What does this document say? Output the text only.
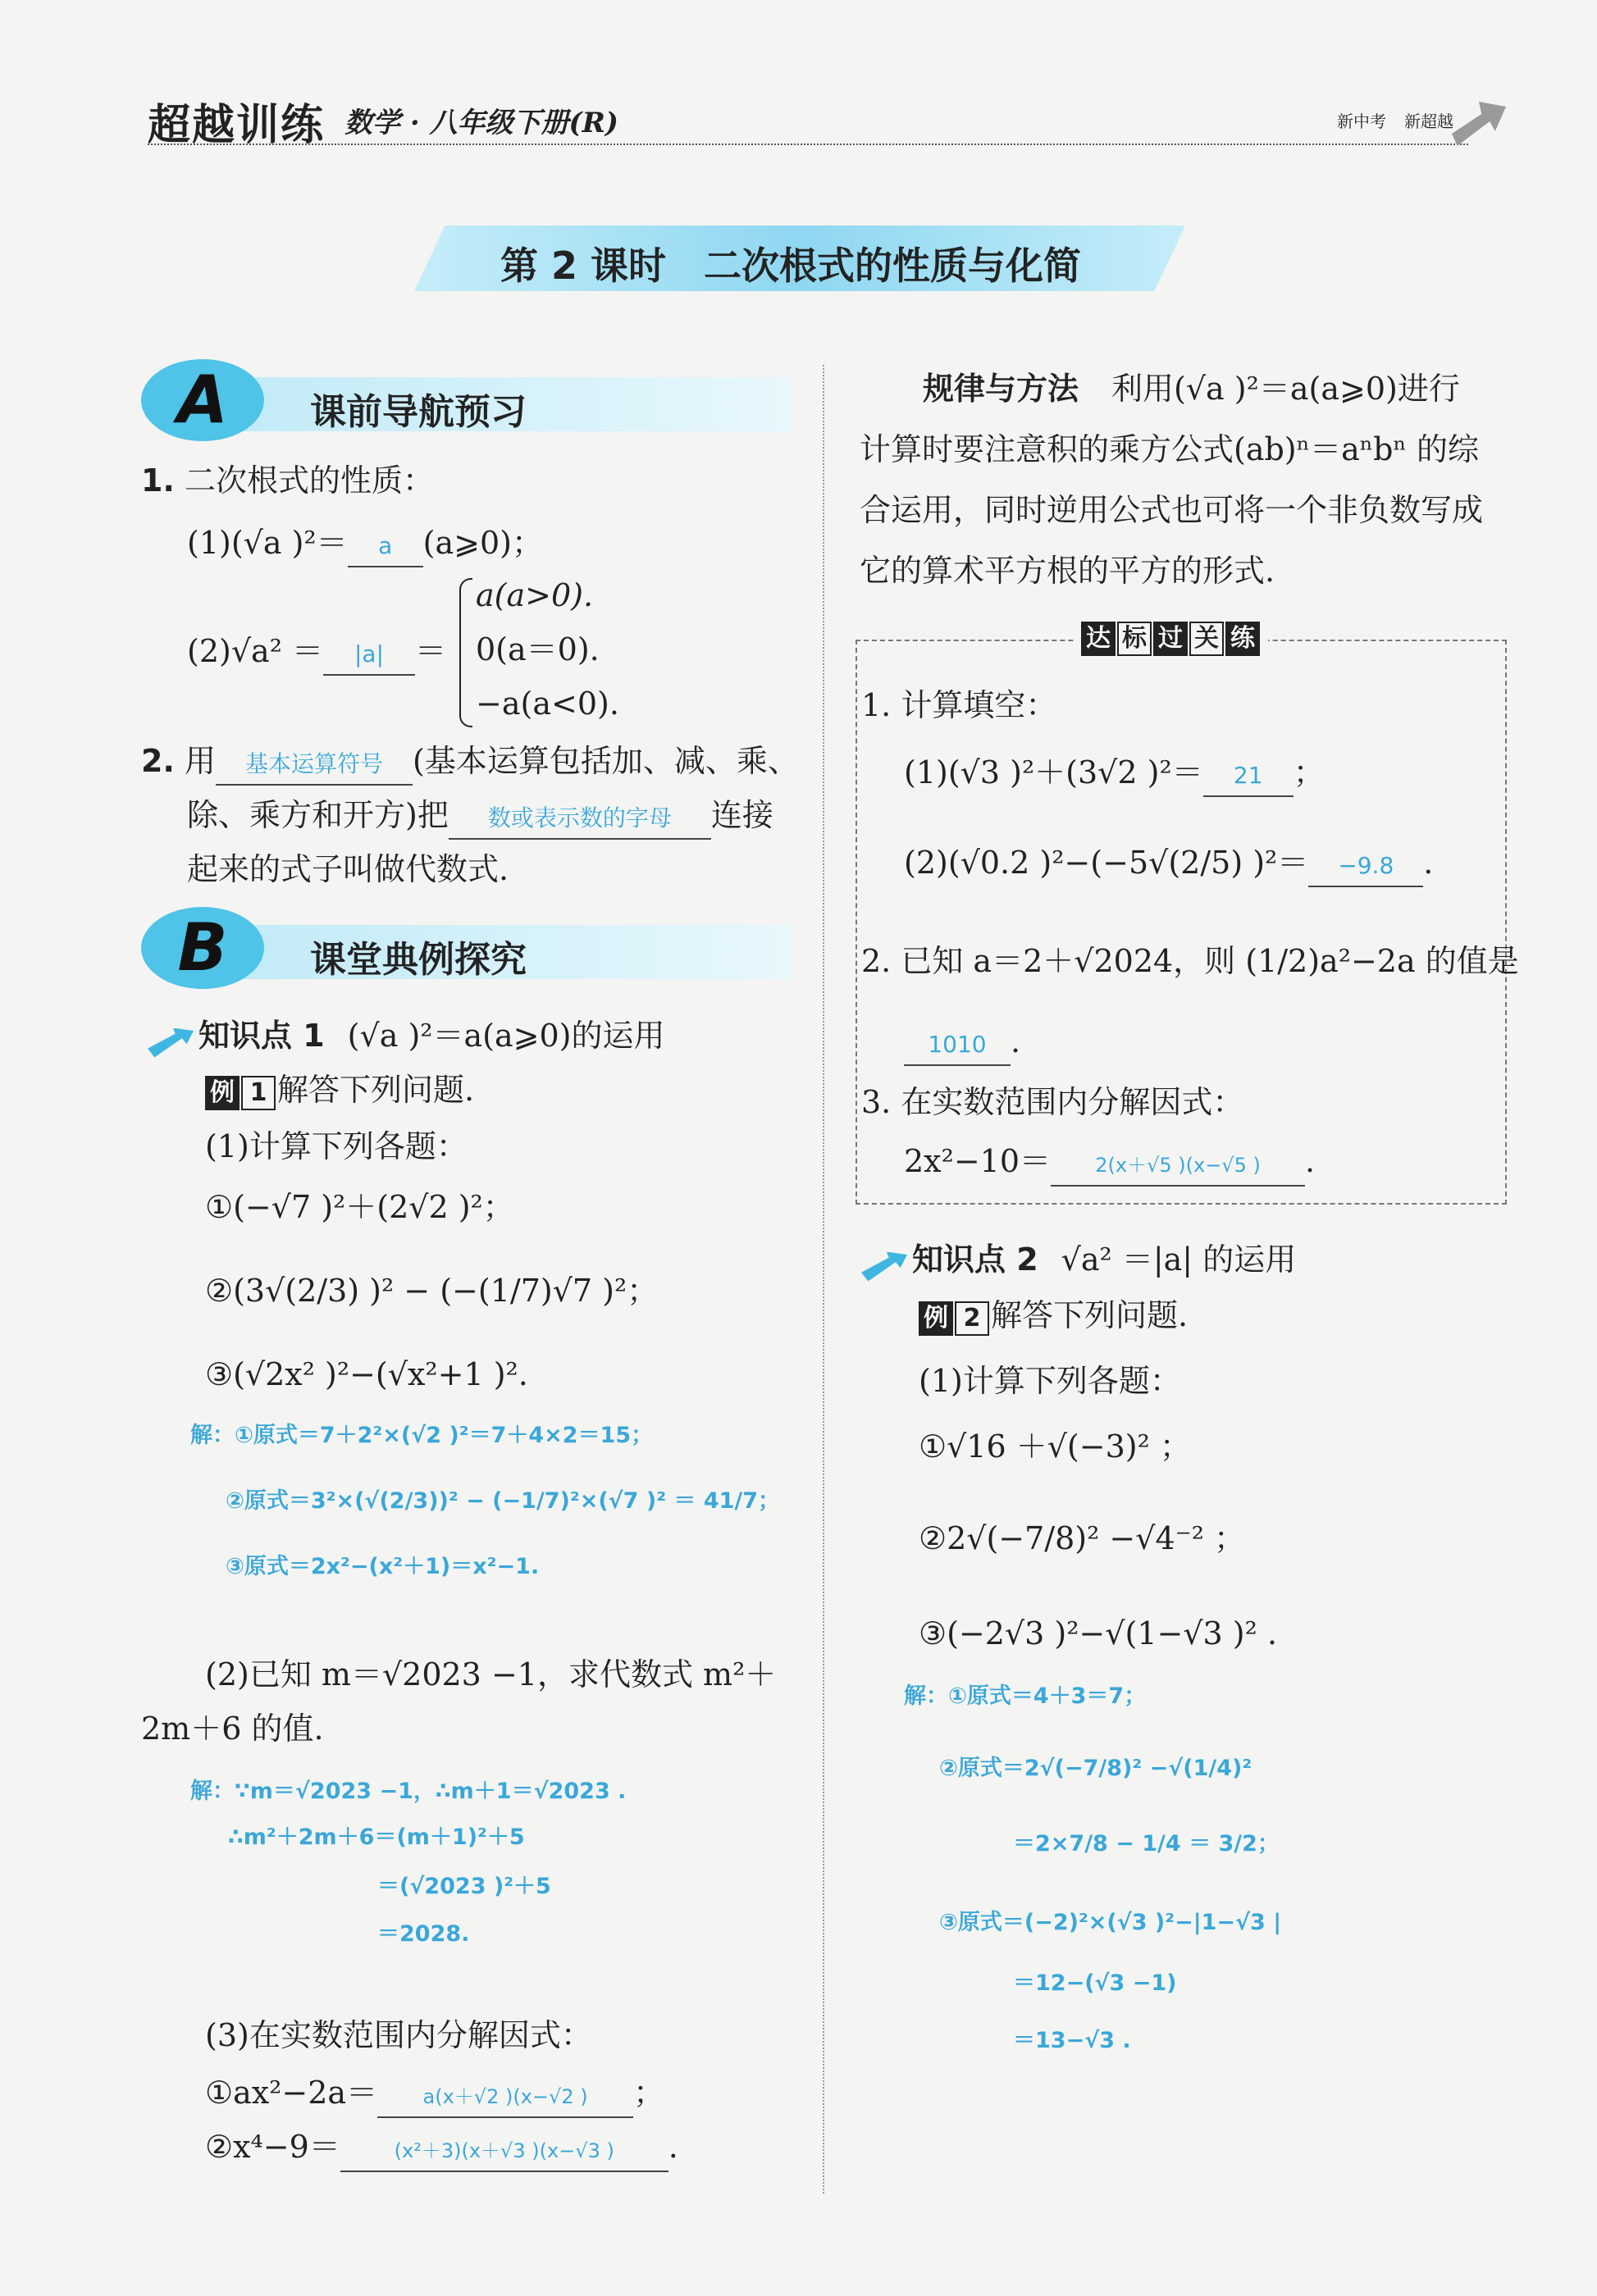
超越训练 数学 · 八年级下册(R)	新中考 新超越
第 2 课时　二次根式的性质与化简
A	课前导航预习
1. 二次根式的性质：
(1)(√a )²＝ a (a⩾0)；
(2)√a² ＝ |a| ＝
a(a>0).
0(a＝0).
−a(a<0).
2. 用 基本运算符号 (基本运算包括加、减、乘、
除、乘方和开方)把 数或表示数的字母 连接
起来的式子叫做代数式.
B	课堂典例探究
知识点 1 (√a )²＝a(a⩾0)的运用
例 1 解答下列问题.
(1)计算下列各题：
①(−√7 )²＋(2√2 )²；
②(3√(2/3) )² − (−(1/7)√7 )²；
③(√2x² )²−(√x²+1 )².
解：①原式＝7＋2²×(√2 )²＝7＋4×2＝15；
②原式＝3²×(√(2/3))² − (−1/7)²×(√7 )² ＝ 41/7；
③原式＝2x²−(x²＋1)＝x²−1.
(2)已知 m＝√2023 −1，求代数式 m²＋
2m＋6 的值.
解：∵m＝√2023 −1，∴m＋1＝√2023 .
∴m²＋2m＋6＝(m＋1)²＋5
＝(√2023 )²＋5
＝2028.
(3)在实数范围内分解因式：
①ax²−2a＝ a(x＋√2 )(x−√2 ) ；
②x⁴−9＝	(x²＋3)(x＋√3 )(x−√3 ) .
规律与方法 利用(√a )²＝a(a⩾0)进行
计算时要注意积的乘方公式(ab)ⁿ＝aⁿbⁿ 的综
合运用，同时逆用公式也可将一个非负数写成
它的算术平方根的平方的形式.
达 标 过 关 练
1. 计算填空：
(1)(√3 )²＋(3√2 )²＝ 21 ；
(2)(√0.2 )²−(−5√(2/5) )²＝ −9.8 .
2. 已知 a＝2＋√2024，则 (1/2)a²−2a 的值是
1010 .
3. 在实数范围内分解因式：
2x²−10＝ 2(x＋√5 )(x−√5 ) .
知识点 2 √a² ＝|a| 的运用
例 2 解答下列问题.
(1)计算下列各题：
①√16 ＋√(−3)² ；
②2√(−7/8)² −√4⁻² ；
③(−2√3 )²−√(1−√3 )² .
解：①原式＝4＋3＝7；
②原式＝2√(−7/8)² −√(1/4)²
＝2×7/8 − 1/4 ＝ 3/2；
③原式＝(−2)²×(√3 )²−|1−√3 |
＝12−(√3 −1)
＝13−√3 .
